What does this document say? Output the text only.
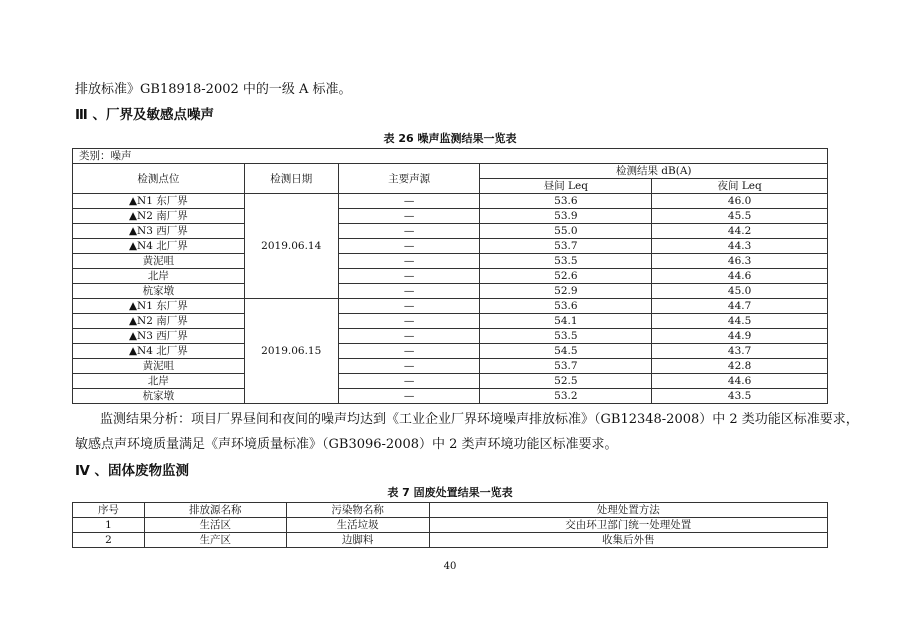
排放标准》GB18918-2002 中的一级 A 标准。
Ⅲ 、厂界及敏感点噪声
表 26 噪声监测结果一览表
类别：噪声				
检测点位	检测日期	主要声源	检测结果 dB(A)	
			昼间 Leq	夜间 Leq
▲N1 东厂界	2019.06.14	—	53.6	46.0
▲N2 南厂界		—	53.9	45.5
▲N3 西厂界		—	55.0	44.2
▲N4 北厂界		—	53.7	44.3
黄泥咀		—	53.5	46.3
北岸		—	52.6	44.6
杭家墩		—	52.9	45.0
▲N1 东厂界	2019.06.15	—	53.6	44.7
▲N2 南厂界		—	54.1	44.5
▲N3 西厂界		—	53.5	44.9
▲N4 北厂界		—	54.5	43.7
黄泥咀		—	53.7	42.8
北岸		—	52.5	44.6
杭家墩		—	53.2	43.5
监测结果分析：项目厂界昼间和夜间的噪声均达到《工业企业厂界环境噪声排放标准》（GB12348-2008）中 2 类功能区标准要求，
敏感点声环境质量满足《声环境质量标准》（GB3096-2008）中 2 类声环境功能区标准要求。
Ⅳ 、固体废物监测
表 7 固废处置结果一览表
序号	排放源名称	污染物名称	处理处置方法
1	生活区	生活垃圾	交由环卫部门统一处理处置
2	生产区	边脚料	收集后外售
40
